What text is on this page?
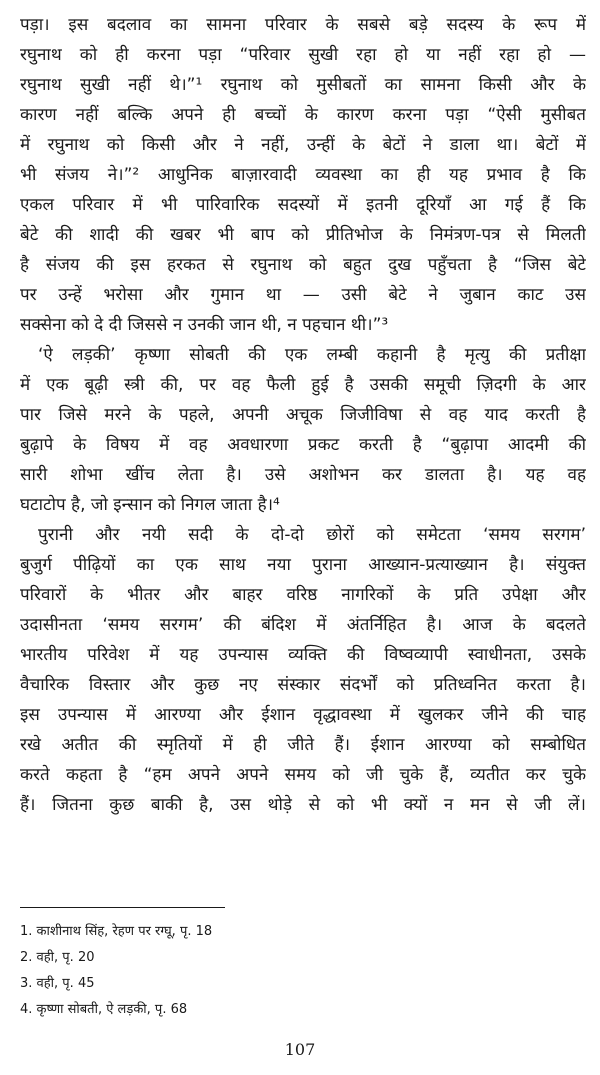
पड़ा। इस बदलाव का सामना परिवार के सबसे बड़े सदस्य के रूप में
रघुनाथ को ही करना पड़ा “परिवार सुखी रहा हो या नहीं रहा हो —
रघुनाथ सुखी नहीं थे।”¹ रघुनाथ को मुसीबतों का सामना किसी और के
कारण नहीं बल्कि अपने ही बच्चों के कारण करना पड़ा “ऐसी मुसीबत
में रघुनाथ को किसी और ने नहीं, उन्हीं के बेटों ने डाला था। बेटों में
भी संजय ने।”² आधुनिक बाज़ारवादी व्यवस्था का ही यह प्रभाव है कि
एकल परिवार में भी पारिवारिक सदस्यों में इतनी दूरियाँ आ गई हैं कि
बेटे की शादी की खबर भी बाप को प्रीतिभोज के निमंत्रण-पत्र से मिलती
है संजय की इस हरकत से रघुनाथ को बहुत दुख पहुँचता है “जिस बेटे
पर उन्हें भरोसा और गुमान था — उसी बेटे ने जुबान काट उस
सक्सेना को दे दी जिससे न उनकी जान थी, न पहचान थी।”³
‘ऐ लड़की’ कृष्णा सोबती की एक लम्बी कहानी है मृत्यु की प्रतीक्षा
में एक बूढ़ी स्त्री की, पर वह फैली हुई है उसकी समूची ज़िदगी के आर
पार जिसे मरने के पहले, अपनी अचूक जिजीविषा से वह याद करती है
बुढ़ापे के विषय में वह अवधारणा प्रकट करती है “बुढ़ापा आदमी की
सारी शोभा खींच लेता है। उसे अशोभन कर डालता है। यह वह
घटाटोप है, जो इन्सान को निगल जाता है।⁴
पुरानी और नयी सदी के दो-दो छोरों को समेटता ‘समय सरगम’
बुजुर्ग पीढ़ियों का एक साथ नया पुराना आख्यान-प्रत्याख्यान है। संयुक्त
परिवारों के भीतर और बाहर वरिष्ठ नागरिकों के प्रति उपेक्षा और
उदासीनता ‘समय सरगम’ की बंदिश में अंतर्निहित है। आज के बदलते
भारतीय परिवेश में यह उपन्यास व्यक्ति की विष्वव्यापी स्वाधीनता, उसके
वैचारिक विस्तार और कुछ नए संस्कार संदर्भों को प्रतिध्वनित करता है।
इस उपन्यास में आरण्या और ईशान वृद्धावस्था में खुलकर जीने की चाह
रखे अतीत की स्मृतियों में ही जीते हैं। ईशान आरण्या को सम्बोधित
करते कहता है “हम अपने अपने समय को जी चुके हैं, व्यतीत कर चुके
हैं। जितना कुछ बाकी है, उस थोड़े से को भी क्यों न मन से जी लें।
1. काशीनाथ सिंह, रेहण पर रग्घू, पृ. 18
2. वही, पृ. 20
3. वही, पृ. 45
4. कृष्णा सोबती, ऐ लड़की, पृ. 68
107
